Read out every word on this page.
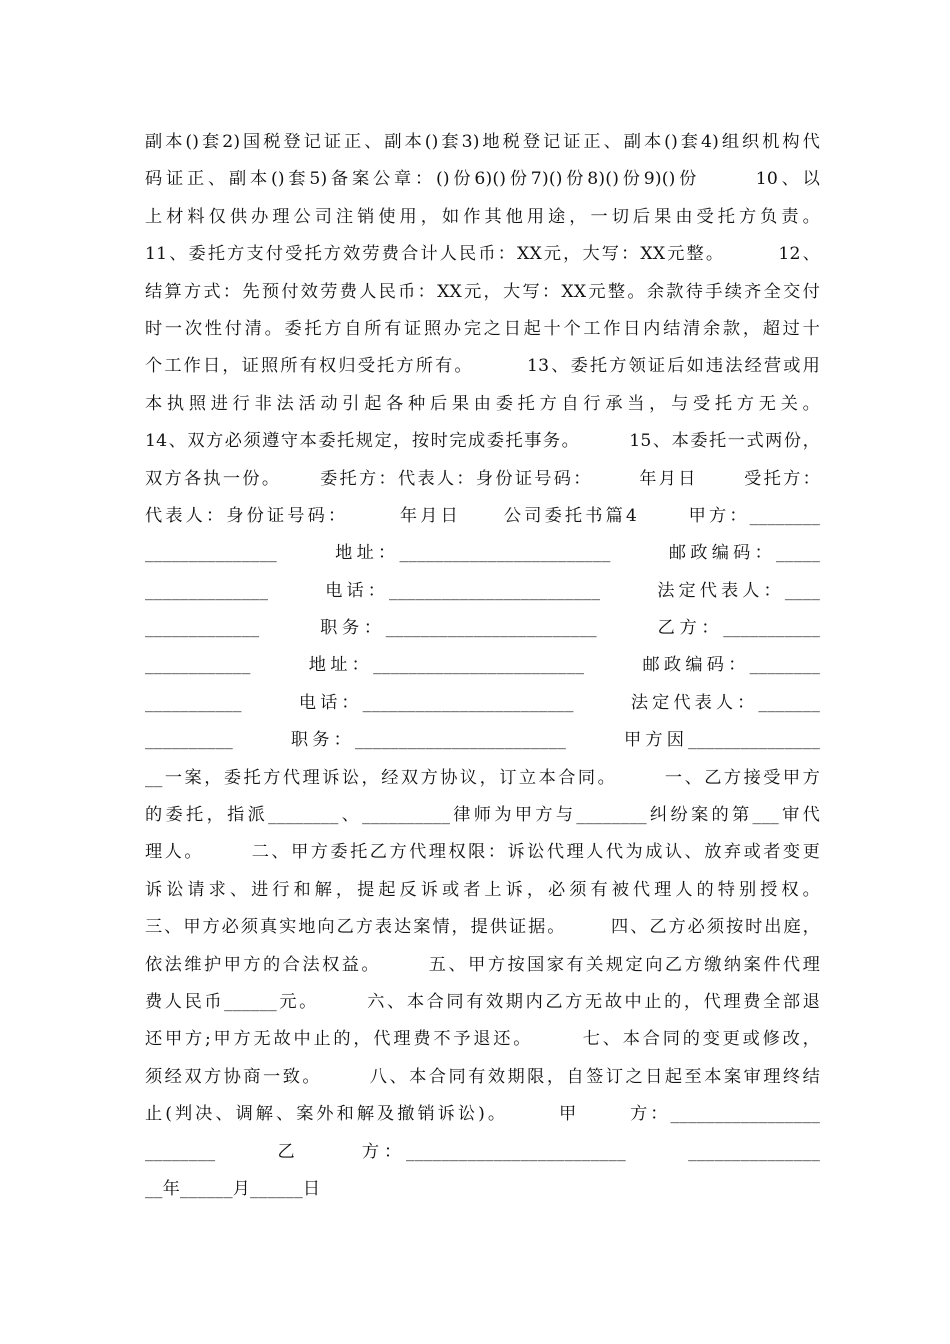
副本()套2)国税登记证正、副本()套3)地税登记证正、副本()套4)组织机构代
码证正、副本()套5)备案公章：()份6)()份7)()份8)()份9)()份      10、以
上材料仅供办理公司注销使用，如作其他用途，一切后果由受托方负责。
11、委托方支付受托方效劳费合计人民币：XX元，大写：XX元整。       12、
结算方式：先预付效劳费人民币：XX元，大写：XX元整。余款待手续齐全交付
时一次性付清。委托方自所有证照办完之日起十个工作日内结清余款，超过十
个工作日，证照所有权归受托方所有。       13、委托方领证后如违法经营或用
本执照进行非法活动引起各种后果由委托方自行承当，与受托方无关。
14、双方必须遵守本委托规定，按时完成委托事务。       15、本委托一式两份，
双方各执一份。     委托方：代表人：身份证号码：      年月日      受托方：
代表人：身份证号码：      年月日     公司委托书篇4      甲方：________
_______________      地址：________________________      邮政编码：_____
______________      电话：________________________      法定代表人：____
_____________      职务：________________________      乙方：___________
____________      地址：________________________      邮政编码：________
___________      电话：________________________      法定代表人：_______
__________      职务：________________________      甲方因_______________
__一案，委托方代理诉讼，经双方协议，订立本合同。      一、乙方接受甲方
的委托，指派________、__________律师为甲方与________纠纷案的第___审代
理人。      二、甲方委托乙方代理权限：诉讼代理人代为成认、放弃或者变更
诉讼请求、进行和解，提起反诉或者上诉，必须有被代理人的特别授权。
三、甲方必须真实地向乙方表达案情，提供证据。      四、乙方必须按时出庭，
依法维护甲方的合法权益。      五、甲方按国家有关规定向乙方缴纳案件代理
费人民币______元。      六、本合同有效期内乙方无故中止的，代理费全部退
还甲方;甲方无故中止的，代理费不予退还。      七、本合同的变更或修改，
须经双方协商一致。      八、本合同有效期限，自签订之日起至本案审理终结
止(判决、调解、案外和解及撤销诉讼)。      甲      方：_________________
________      乙      方：_________________________      _______________
__年______月______日
